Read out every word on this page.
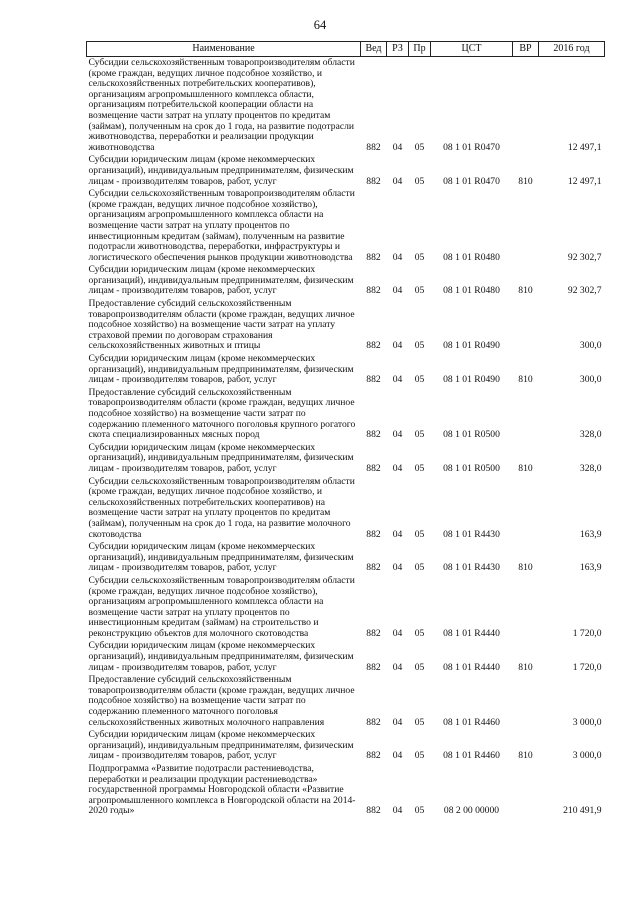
64
Наименование	Вед	РЗ	Пр	ЦСТ	ВР	2016 год
Субсидии сельскохозяйственным товаропроизводителям области (кроме граждан, ведущих личное подсобное хозяйство, и сельскохозяйственных потребительских кооперативов), организациям агропромышленного комплекса области, организациям потребительской кооперации области на возмещение части затрат на уплату процентов по кредитам (займам), полученным на срок до 1 года, на развитие подотрасли животноводства, переработки и реализации продукции животноводства	882	04	05	08 1 01 R0470		12 497,1
Субсидии юридическим лицам (кроме некоммерческих организаций), индивидуальным предпринимателям, физическим лицам - производителям товаров, работ, услуг	882	04	05	08 1 01 R0470	810	12 497,1
Субсидии сельскохозяйственным товаропроизводителям области (кроме граждан, ведущих личное подсобное хозяйство), организациям агропромышленного комплекса области на возмещение части затрат на уплату процентов по инвестиционным кредитам (займам), полученным на развитие подотрасли животноводства, переработки, инфраструктуры и логистического обеспечения рынков продукции животноводства	882	04	05	08 1 01 R0480		92 302,7
Субсидии юридическим лицам (кроме некоммерческих организаций), индивидуальным предпринимателям, физическим лицам - производителям товаров, работ, услуг	882	04	05	08 1 01 R0480	810	92 302,7
Предоставление субсидий сельскохозяйственным товаропроизводителям области (кроме граждан, ведущих личное подсобное хозяйство) на возмещение части затрат на уплату страховой премии по договорам страхования сельскохозяйственных животных и птицы	882	04	05	08 1 01 R0490		300,0
Субсидии юридическим лицам (кроме некоммерческих организаций), индивидуальным предпринимателям, физическим лицам - производителям товаров, работ, услуг	882	04	05	08 1 01 R0490	810	300,0
Предоставление субсидий сельскохозяйственным товаропроизводителям области (кроме граждан, ведущих личное подсобное хозяйство) на возмещение части затрат по содержанию племенного маточного поголовья крупного рогатого скота специализированных мясных пород	882	04	05	08 1 01 R0500		328,0
Субсидии юридическим лицам (кроме некоммерческих организаций), индивидуальным предпринимателям, физическим лицам - производителям товаров, работ, услуг	882	04	05	08 1 01 R0500	810	328,0
Субсидии сельскохозяйственным товаропроизводителям области (кроме граждан, ведущих личное подсобное хозяйство, и сельскохозяйственных потребительских кооперативов) на возмещение части затрат на уплату процентов по кредитам (займам), полученным на срок до 1 года, на развитие молочного скотоводства	882	04	05	08 1 01 R4430		163,9
Субсидии юридическим лицам (кроме некоммерческих организаций), индивидуальным предпринимателям, физическим лицам - производителям товаров, работ, услуг	882	04	05	08 1 01 R4430	810	163,9
Субсидии сельскохозяйственным товаропроизводителям области (кроме граждан, ведущих личное подсобное хозяйство), организациям агропромышленного комплекса области на возмещение части затрат на уплату процентов по инвестиционным кредитам (займам) на строительство и реконструкцию объектов для молочного скотоводства	882	04	05	08 1 01 R4440		1 720,0
Субсидии юридическим лицам (кроме некоммерческих организаций), индивидуальным предпринимателям, физическим лицам - производителям товаров, работ, услуг	882	04	05	08 1 01 R4440	810	1 720,0
Предоставление субсидий сельскохозяйственным товаропроизводителям области (кроме граждан, ведущих личное подсобное хозяйство) на возмещение части затрат по содержанию племенного маточного поголовья сельскохозяйственных животных молочного направления	882	04	05	08 1 01 R4460		3 000,0
Субсидии юридическим лицам (кроме некоммерческих организаций), индивидуальным предпринимателям, физическим лицам - производителям товаров, работ, услуг	882	04	05	08 1 01 R4460	810	3 000,0
Подпрограмма «Развитие подотрасли растениеводства, переработки и реализации продукции растениеводства» государственной программы Новгородской области «Развитие агропромышленного комплекса в Новгородской области на 2014-2020 годы»	882	04	05	08 2 00 00000		210 491,9
